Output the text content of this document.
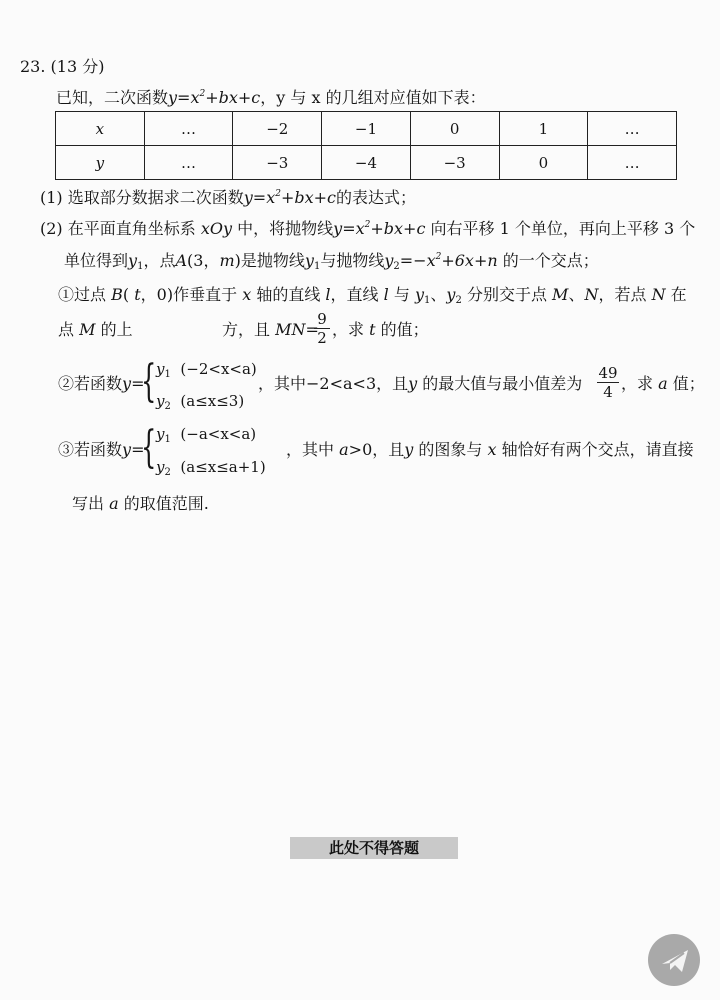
23. (13 分)
已知，二次函数$y=x^2+bx+c$，y 与 x 的几组对应值如下表：
x	…	−2	−1	0	1	…
y	…	−3	−4	−3	0	…
(1) 选取部分数据求二次函数$y=x^2+bx+c$的表达式；
(2) 在平面直角坐标系 xOy 中，将抛物线$y=x^2+bx+c$ 向右平移 1 个单位，再向上平移 3 个
单位得到$y_1$，点A(3，m)是抛物线$y_1$与抛物线$y_2=-x^2+6x+n$ 的一个交点；
①过点 B( t，0)作垂直于 x 轴的直线 l，直线 l 与 $y_1$、$y_2$ 分别交于点 M、N，若点 N 在
点 M 的上	方，且 MN=
$\frac{9}{2}$ ，求 t 的值；
②若函数y=
{ $y_1$ (−2<x<a)
$y_2$ (a≤x≤3)
，其中−2<a<3，且y 的最大值与最小值差为 $\frac{49}{4}$ ，求 a 值；
③若函数y=
{ $y_1$ (−a<x<a)
$y_2$ (a≤x≤a+1)
，其中 a>0，且y 的图象与 x 轴恰好有两个交点，请直接
写出 a 的取值范围.
此处不得答题
